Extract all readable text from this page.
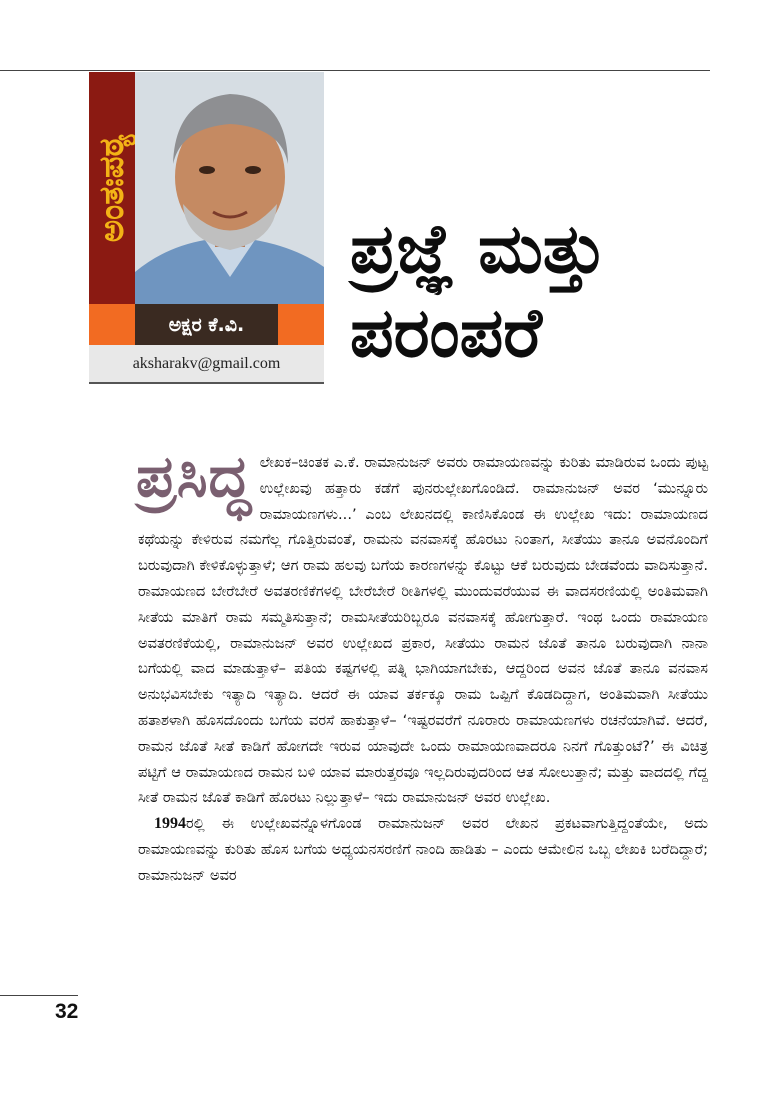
ಅಂತಃಪಠ್ಯ
ಅಕ್ಷರ ಕೆ.ವಿ.
aksharakv@gmail.com
ಪ್ರಜ್ಞೆ ಮತ್ತು
ಪರಂಪರೆ
ಪ್ರಸಿದ್ಧ ಲೇಖಕ–ಚಿಂತಕ ಎ.ಕೆ. ರಾಮಾನುಜನ್ ಅವರು ರಾಮಾಯಣವನ್ನು ಕುರಿತು ಮಾಡಿರುವ ಒಂದು ಪುಟ್ಟ ಉಲ್ಲೇಖವು ಹತ್ತಾರು ಕಡೆಗೆ ಪುನರುಲ್ಲೇಖಗೊಂಡಿದೆ. ರಾಮಾನುಜನ್ ಅವರ ‘ಮುನ್ನೂರು ರಾಮಾಯಣಗಳು...’ ಎಂಬ ಲೇಖನದಲ್ಲಿ ಕಾಣಿಸಿಕೊಂಡ ಈ ಉಲ್ಲೇಖ ಇದು: ರಾಮಾಯಣದ ಕಥೆಯನ್ನು ಕೇಳಿರುವ ನಮಗೆಲ್ಲ ಗೊತ್ತಿರುವಂತೆ, ರಾಮನು ವನವಾಸಕ್ಕೆ ಹೊರಟು ನಿಂತಾಗ, ಸೀತೆಯು ತಾನೂ ಅವನೊಂದಿಗೆ ಬರುವುದಾಗಿ ಕೇಳಿಕೊಳ್ಳುತ್ತಾಳೆ; ಆಗ ರಾಮ ಹಲವು ಬಗೆಯ ಕಾರಣಗಳನ್ನು ಕೊಟ್ಟು ಆಕೆ ಬರುವುದು ಬೇಡವೆಂದು ವಾದಿಸುತ್ತಾನೆ. ರಾಮಾಯಣದ ಬೇರೆಬೇರೆ ಅವತರಣಿಕೆಗಳಲ್ಲಿ ಬೇರೆಬೇರೆ ರೀತಿಗಳಲ್ಲಿ ಮುಂದುವರೆಯುವ ಈ ವಾದಸರಣಿಯಲ್ಲಿ ಅಂತಿಮವಾಗಿ ಸೀತೆಯ ಮಾತಿಗೆ ರಾಮ ಸಮ್ಮತಿಸುತ್ತಾನೆ; ರಾಮಸೀತೆಯರಿಬ್ಬರೂ ವನವಾಸಕ್ಕೆ ಹೋಗುತ್ತಾರೆ. ಇಂಥ ಒಂದು ರಾಮಾಯಣ ಅವತರಣಿಕೆಯಲ್ಲಿ, ರಾಮಾನುಜನ್ ಅವರ ಉಲ್ಲೇಖದ ಪ್ರಕಾರ, ಸೀತೆಯು ರಾಮನ ಜೊತೆ ತಾನೂ ಬರುವುದಾಗಿ ನಾನಾ ಬಗೆಯಲ್ಲಿ ವಾದ ಮಾಡುತ್ತಾಳೆ– ಪತಿಯ ಕಷ್ಟಗಳಲ್ಲಿ ಪತ್ನಿ ಭಾಗಿಯಾಗಬೇಕು, ಆದ್ದರಿಂದ ಅವನ ಜೊತೆ ತಾನೂ ವನವಾಸ ಅನುಭವಿಸಬೇಕು ಇತ್ಯಾದಿ ಇತ್ಯಾದಿ. ಆದರೆ ಈ ಯಾವ ತರ್ಕಕ್ಕೂ ರಾಮ ಒಪ್ಪಿಗೆ ಕೊಡದಿದ್ದಾಗ, ಅಂತಿಮವಾಗಿ ಸೀತೆಯು ಹತಾಶಳಾಗಿ ಹೊಸದೊಂದು ಬಗೆಯ ವರಸೆ ಹಾಕುತ್ತಾಳೆ– ‘ಇಷ್ಟರವರೆಗೆ ನೂರಾರು ರಾಮಾಯಣಗಳು ರಚನೆಯಾಗಿವೆ. ಆದರೆ, ರಾಮನ ಜೊತೆ ಸೀತೆ ಕಾಡಿಗೆ ಹೋಗದೇ ಇರುವ ಯಾವುದೇ ಒಂದು ರಾಮಾಯಣವಾದರೂ ನಿನಗೆ ಗೊತ್ತುಂಟೆ?’ ಈ ವಿಚಿತ್ರ ಪಟ್ಟಿಗೆ ಆ ರಾಮಾಯಣದ ರಾಮನ ಬಳಿ ಯಾವ ಮಾರುತ್ತರವೂ ಇಲ್ಲದಿರುವುದರಿಂದ ಆತ ಸೋಲುತ್ತಾನೆ; ಮತ್ತು ವಾದದಲ್ಲಿ ಗೆದ್ದ ಸೀತೆ ರಾಮನ ಜೊತೆ ಕಾಡಿಗೆ ಹೊರಟು ನಿಲ್ಲುತ್ತಾಳೆ– ಇದು ರಾಮಾನುಜನ್ ಅವರ ಉಲ್ಲೇಖ.

1994ರಲ್ಲಿ ಈ ಉಲ್ಲೇಖವನ್ನೊಳಗೊಂಡ ರಾಮಾನುಜನ್ ಅವರ ಲೇಖನ ಪ್ರಕಟವಾಗುತ್ತಿದ್ದಂತೆಯೇ, ಅದು ರಾಮಾಯಣವನ್ನು ಕುರಿತು ಹೊಸ ಬಗೆಯ ಅಧ್ಯಯನಸರಣಿಗೆ ನಾಂದಿ ಹಾಡಿತು – ಎಂದು ಆಮೇಲಿನ ಒಬ್ಬ ಲೇಖಕಿ ಬರೆದಿದ್ದಾರೆ; ರಾಮಾನುಜನ್ ಅವರ

32
